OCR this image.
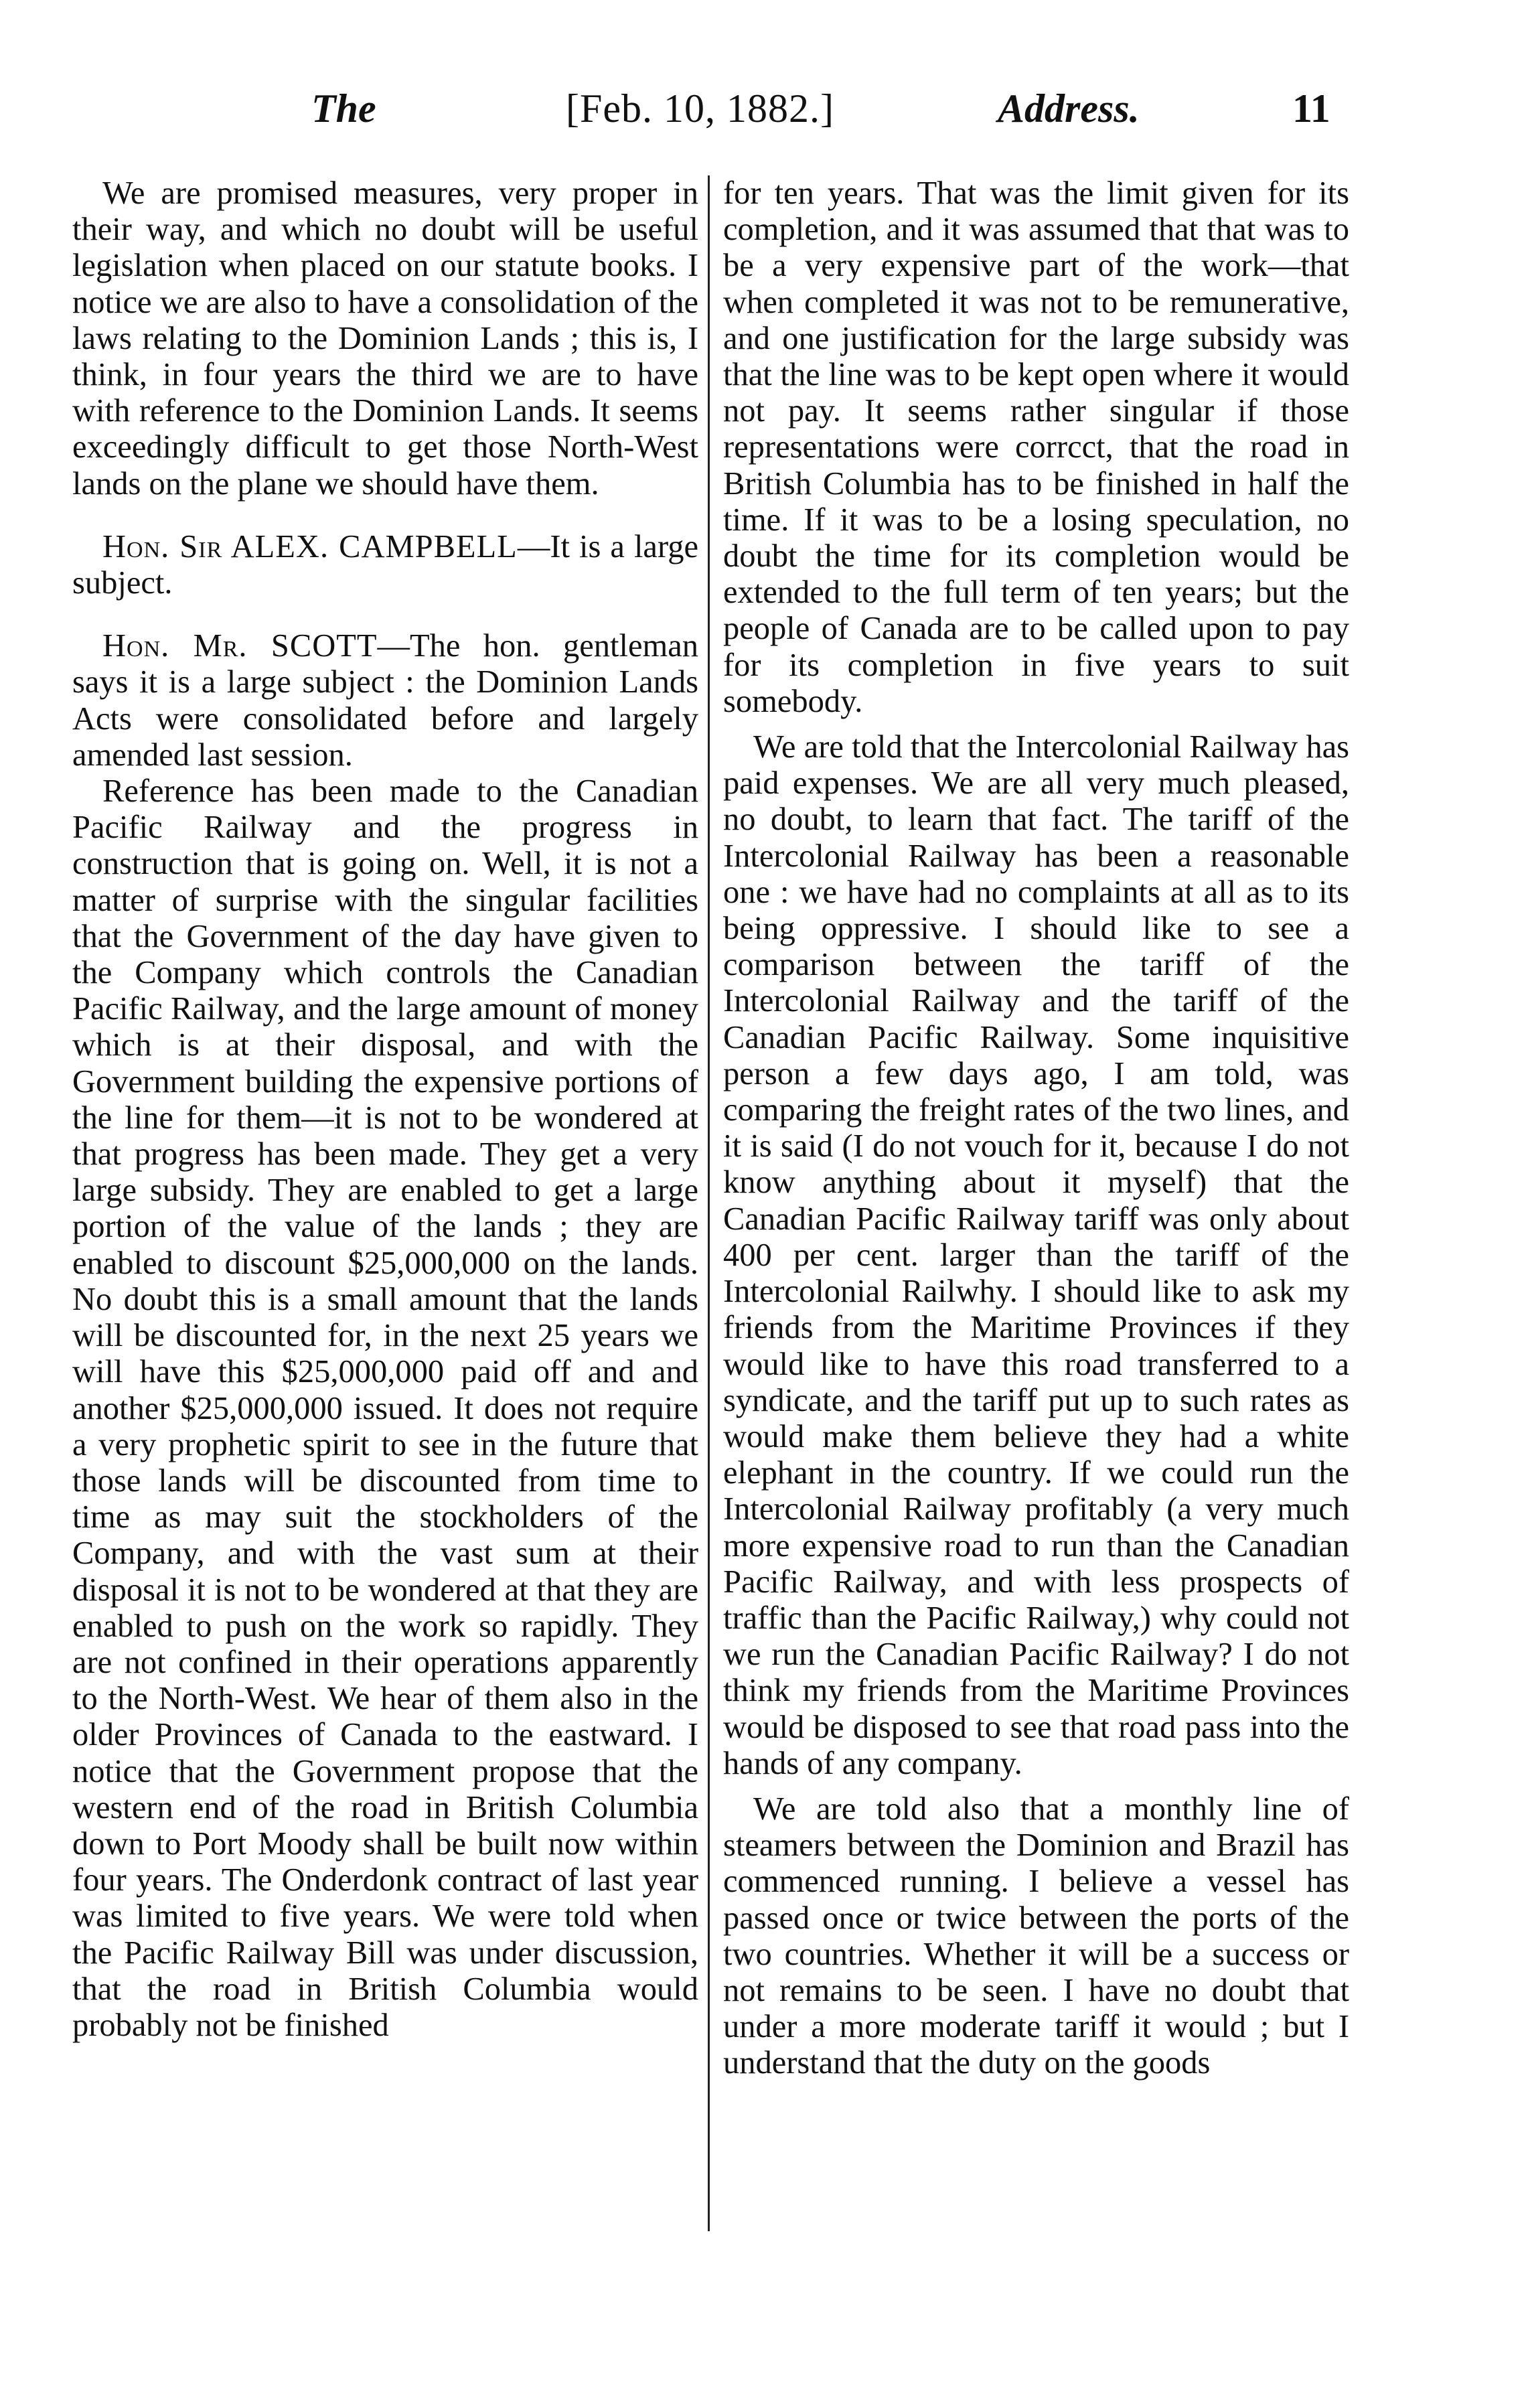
The	[Feb. 10, 1882.]	Address.	11

We are promised measures, very proper in their way, and which no doubt will be useful legislation when placed on our statute books. I notice we are also to have a consolidation of the laws relating to the Dominion Lands ; this is, I think, in four years the third we are to have with reference to the Dominion Lands. It seems exceedingly difficult to get those North-West lands on the plane we should have them.

Hon. Sir ALEX. CAMPBELL—It is a large subject.

Hon. Mr. SCOTT—The hon. gentleman says it is a large subject : the Dominion Lands Acts were consolidated before and largely amended last session.

Reference has been made to the Canadian Pacific Railway and the progress in construction that is going on. Well, it is not a matter of surprise with the singular facilities that the Government of the day have given to the Company which controls the Canadian Pacific Railway, and the large amount of money which is at their disposal, and with the Government building the expensive portions of the line for them—it is not to be wondered at that progress has been made. They get a very large subsidy. They are enabled to get a large portion of the value of the lands ; they are enabled to discount $25,000,000 on the lands. No doubt this is a small amount that the lands will be discounted for, in the next 25 years we will have this $25,000,000 paid off and and another $25,000,000 issued. It does not require a very prophetic spirit to see in the future that those lands will be discounted from time to time as may suit the stockholders of the Company, and with the vast sum at their disposal it is not to be wondered at that they are enabled to push on the work so rapidly. They are not confined in their operations apparently to the North-West. We hear of them also in the older Provinces of Canada to the eastward. I notice that the Government propose that the western end of the road in British Columbia down to Port Moody shall be built now within four years. The Onderdonk contract of last year was limited to five years. We were told when the Pacific Railway Bill was under discussion, that the road in British Columbia would probably not be finished

for ten years. That was the limit given for its completion, and it was assumed that that was to be a very expensive part of the work—that when completed it was not to be remunerative, and one justification for the large subsidy was that the line was to be kept open where it would not pay. It seems rather singular if those representations were corrcct, that the road in British Columbia has to be finished in half the time. If it was to be a losing speculation, no doubt the time for its completion would be extended to the full term of ten years; but the people of Canada are to be called upon to pay for its completion in five years to suit somebody.

We are told that the Intercolonial Railway has paid expenses. We are all very much pleased, no doubt, to learn that fact. The tariff of the Intercolonial Railway has been a reasonable one : we have had no complaints at all as to its being oppressive. I should like to see a comparison between the tariff of the Intercolonial Railway and the tariff of the Canadian Pacific Railway. Some inquisitive person a few days ago, I am told, was comparing the freight rates of the two lines, and it is said (I do not vouch for it, because I do not know anything about it myself) that the Canadian Pacific Railway tariff was only about 400 per cent. larger than the tariff of the Intercolonial Railwhy. I should like to ask my friends from the Maritime Provinces if they would like to have this road transferred to a syndicate, and the tariff put up to such rates as would make them believe they had a white elephant in the country. If we could run the Intercolonial Railway profitably (a very much more expensive road to run than the Canadian Pacific Railway, and with less prospects of traffic than the Pacific Railway,) why could not we run the Canadian Pacific Railway? I do not think my friends from the Maritime Provinces would be disposed to see that road pass into the hands of any company.

We are told also that a monthly line of steamers between the Dominion and Brazil has commenced running. I believe a vessel has passed once or twice between the ports of the two countries. Whether it will be a success or not remains to be seen. I have no doubt that under a more moderate tariff it would ; but I understand that the duty on the goods
